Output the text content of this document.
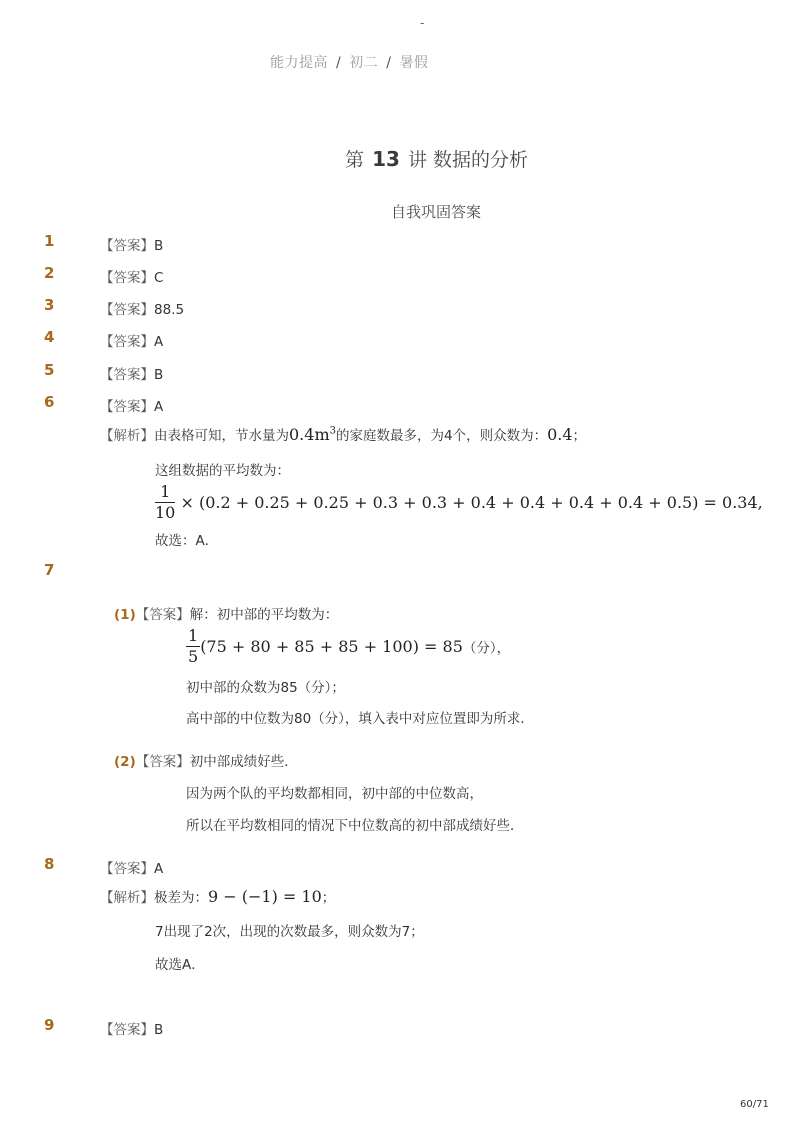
-
能力提高 / 初二 / 暑假
第 13 讲 数据的分析
自我巩固答案
1	【答案】B
2	【答案】C
3	【答案】88.5
4	【答案】A
5	【答案】B
6	【答案】A
【解析】由表格可知，节水量为$0.4m^3$的家庭数最多，为4个，则众数为：0.4；
这组数据的平均数为：
$\frac{1}{10} \times (0.2 + 0.25 + 0.25 + 0.3 + 0.3 + 0.4 + 0.4 + 0.4 + 0.4 + 0.5) = 0.34$,
故选：A．
7
(1)【答案】解：初中部的平均数为：
$\frac{1}{5} (75 + 80 + 85 + 85 + 100) = 85$（分），
初中部的众数为85（分）；
高中部的中位数为80（分），填入表中对应位置即为所求．
(2)【答案】初中部成绩好些．
因为两个队的平均数都相同，初中部的中位数高，
所以在平均数相同的情况下中位数高的初中部成绩好些．
8	【答案】A
【解析】极差为：9 − (−1) = 10；
7出现了2次，出现的次数最多，则众数为7；
故选A．
9	【答案】B
60/71
